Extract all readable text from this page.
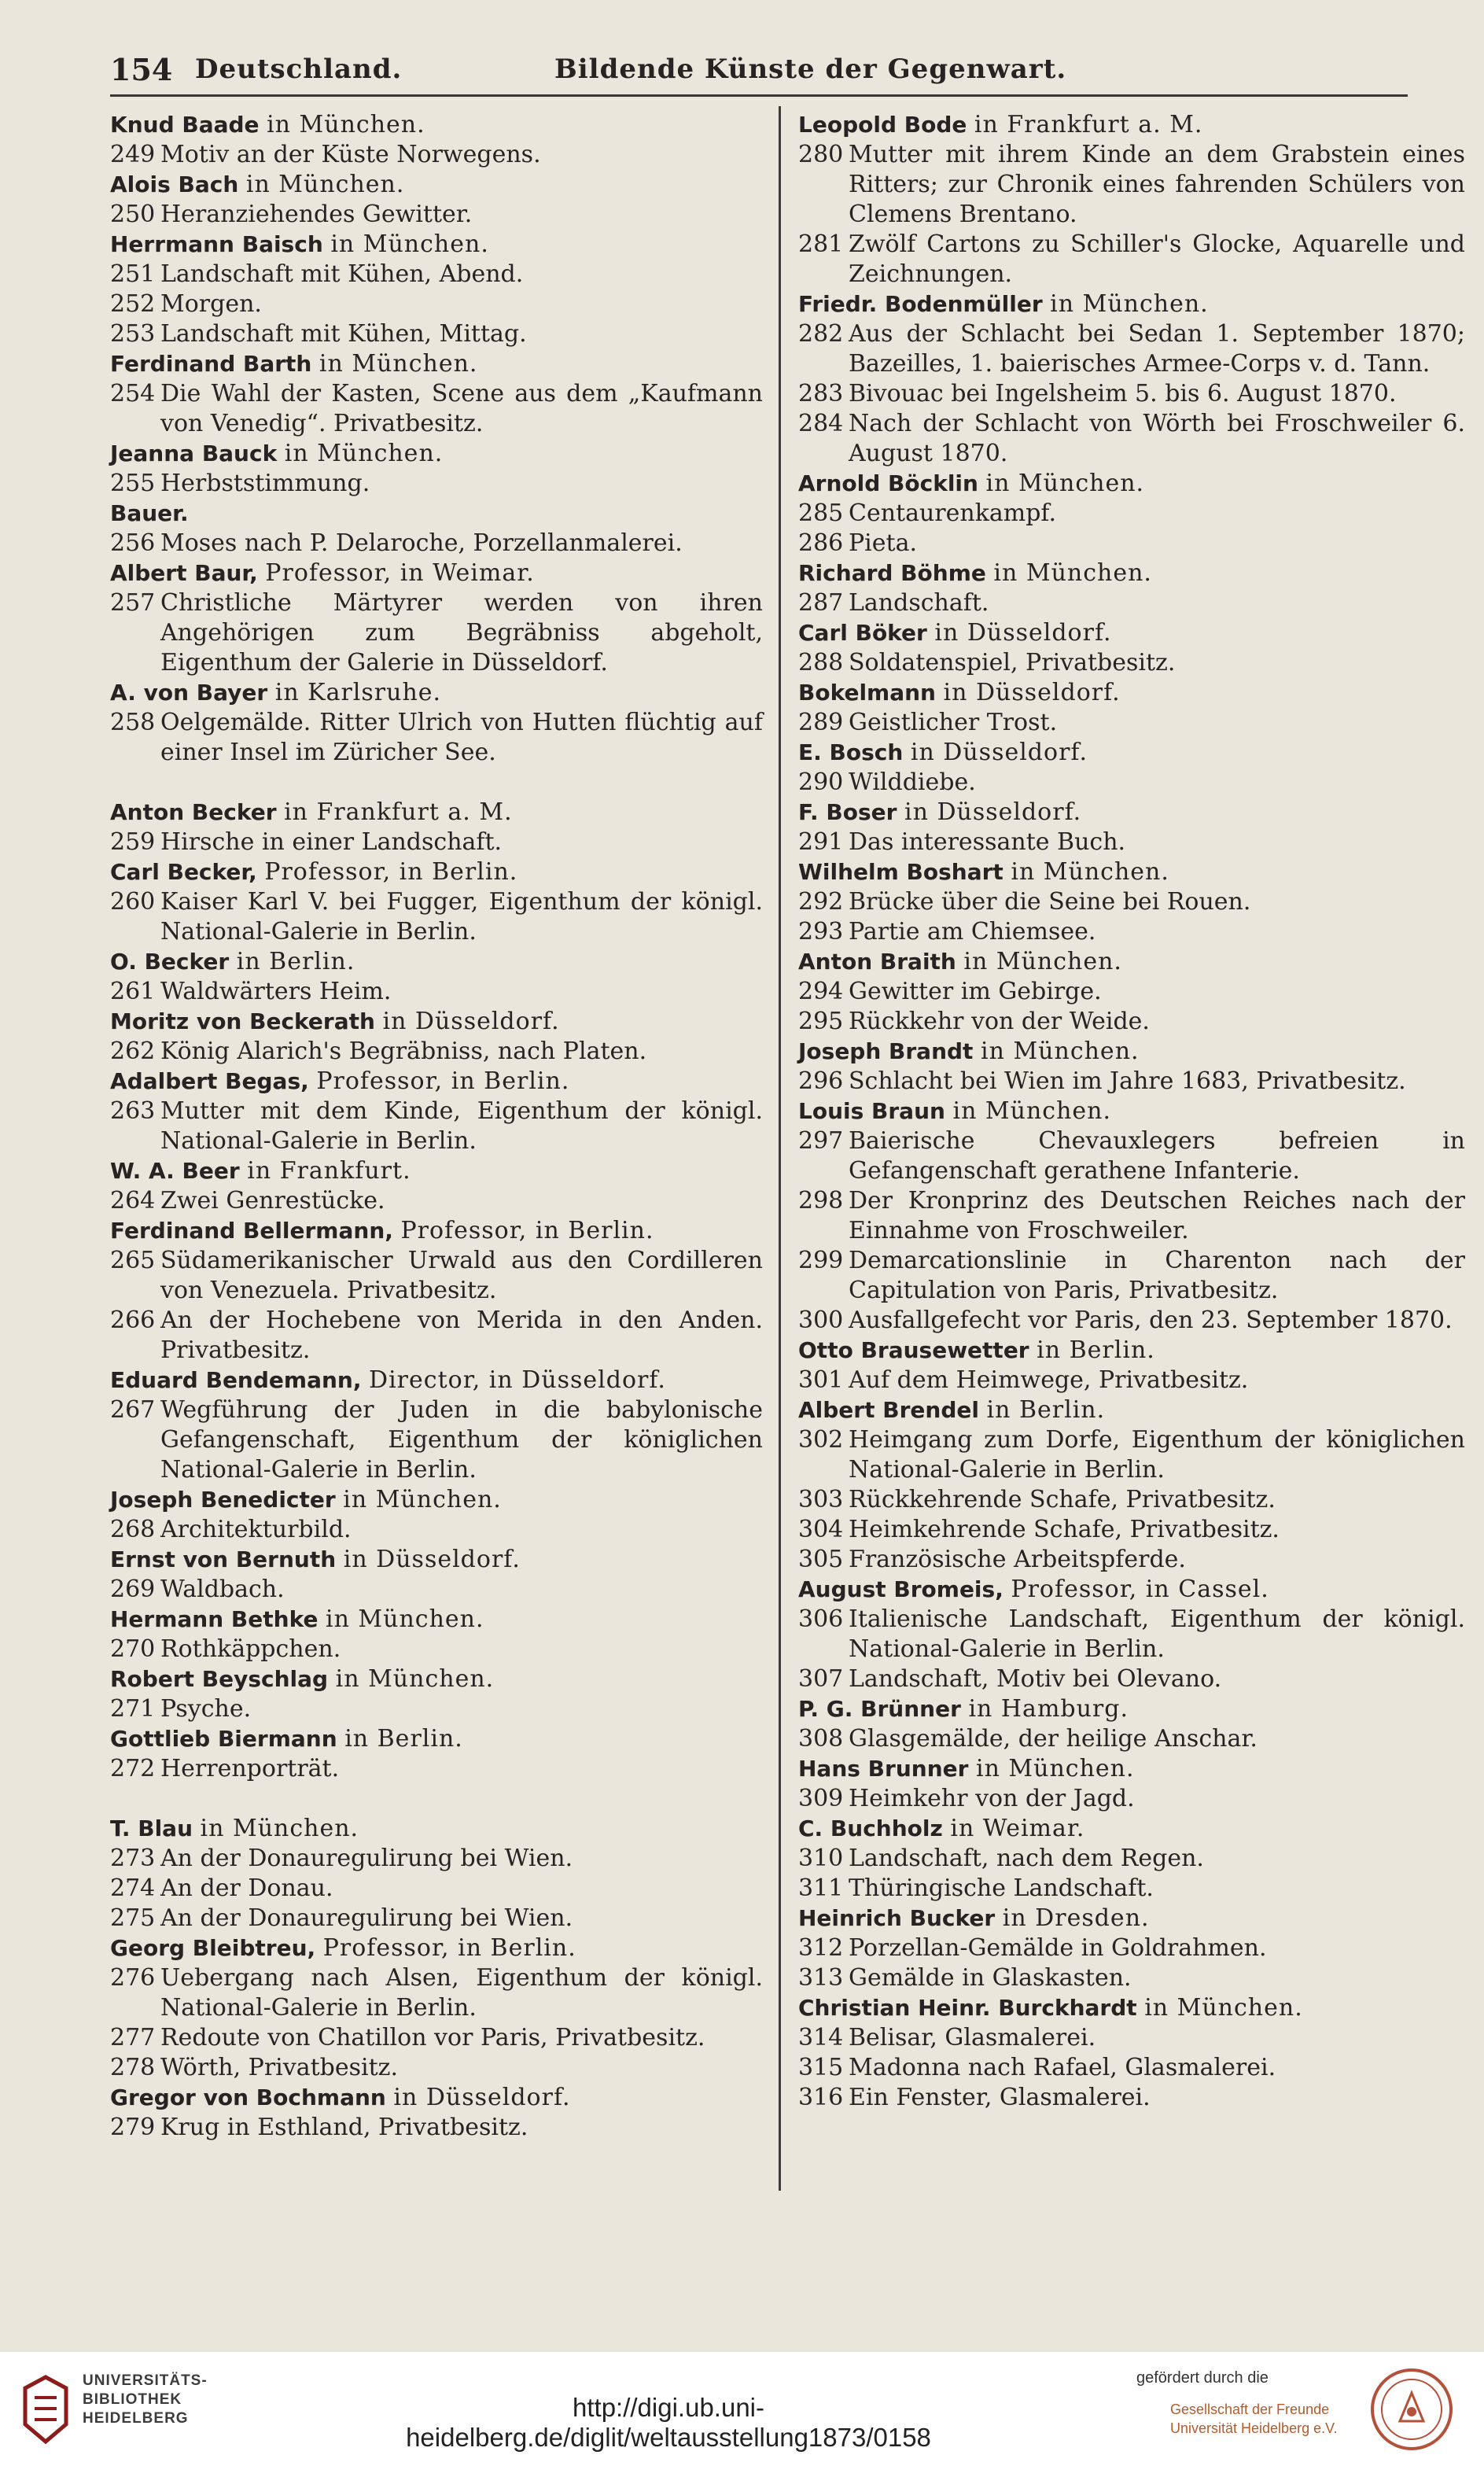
154 Deutschland.	Bildende Künste der Gegenwart.
Knud Baade in München.
249 Motiv an der Küste Norwegens.
Alois Bach in München.
250 Heranziehendes Gewitter.
Herrmann Baisch in München.
251 Landschaft mit Kühen, Abend.
252 Morgen.
253 Landschaft mit Kühen, Mittag.
Ferdinand Barth in München.
254 Die Wahl der Kasten, Scene aus dem „Kaufmann von Venedig“. Privatbesitz.
Jeanna Bauck in München.
255 Herbststimmung.
Bauer.
256 Moses nach P. Delaroche, Porzellanmalerei.
Albert Baur, Professor, in Weimar.
257 Christliche Märtyrer werden von ihren Angehörigen zum Begräbniss abgeholt, Eigenthum der Galerie in Düsseldorf.
A. von Bayer in Karlsruhe.
258 Oelgemälde. Ritter Ulrich von Hutten flüchtig auf einer Insel im Züricher See.
Anton Becker in Frankfurt a. M.
259 Hirsche in einer Landschaft.
Carl Becker, Professor, in Berlin.
260 Kaiser Karl V. bei Fugger, Eigenthum der königl. National-Galerie in Berlin.
O. Becker in Berlin.
261 Waldwärters Heim.
Moritz von Beckerath in Düsseldorf.
262 König Alarich's Begräbniss, nach Platen.
Adalbert Begas, Professor, in Berlin.
263 Mutter mit dem Kinde, Eigenthum der königl. National-Galerie in Berlin.
W. A. Beer in Frankfurt.
264 Zwei Genrestücke.
Ferdinand Bellermann, Professor, in Berlin.
265 Südamerikanischer Urwald aus den Cordilleren von Venezuela. Privatbesitz.
266 An der Hochebene von Merida in den Anden. Privatbesitz.
Eduard Bendemann, Director, in Düsseldorf.
267 Wegführung der Juden in die babylonische Gefangenschaft, Eigenthum der königlichen National-Galerie in Berlin.
Joseph Benedicter in München.
268 Architekturbild.
Ernst von Bernuth in Düsseldorf.
269 Waldbach.
Hermann Bethke in München.
270 Rothkäppchen.
Robert Beyschlag in München.
271 Psyche.
Gottlieb Biermann in Berlin.
272 Herrenporträt.
T. Blau in München.
273 An der Donauregulirung bei Wien.
274 An der Donau.
275 An der Donauregulirung bei Wien.
Georg Bleibtreu, Professor, in Berlin.
276 Uebergang nach Alsen, Eigenthum der königl. National-Galerie in Berlin.
277 Redoute von Chatillon vor Paris, Privatbesitz.
278 Wörth, Privatbesitz.
Gregor von Bochmann in Düsseldorf.
279 Krug in Esthland, Privatbesitz.
Leopold Bode in Frankfurt a. M.
280 Mutter mit ihrem Kinde an dem Grabstein eines Ritters; zur Chronik eines fahrenden Schülers von Clemens Brentano.
281 Zwölf Cartons zu Schiller's Glocke, Aquarelle und Zeichnungen.
Friedr. Bodenmüller in München.
282 Aus der Schlacht bei Sedan 1. September 1870; Bazeilles, 1. baierisches Armee-Corps v. d. Tann.
283 Bivouac bei Ingelsheim 5. bis 6. August 1870.
284 Nach der Schlacht von Wörth bei Froschweiler 6. August 1870.
Arnold Böcklin in München.
285 Centaurenkampf.
286 Pieta.
Richard Böhme in München.
287 Landschaft.
Carl Böker in Düsseldorf.
288 Soldatenspiel, Privatbesitz.
Bokelmann in Düsseldorf.
289 Geistlicher Trost.
E. Bosch in Düsseldorf.
290 Wilddiebe.
F. Boser in Düsseldorf.
291 Das interessante Buch.
Wilhelm Boshart in München.
292 Brücke über die Seine bei Rouen.
293 Partie am Chiemsee.
Anton Braith in München.
294 Gewitter im Gebirge.
295 Rückkehr von der Weide.
Joseph Brandt in München.
296 Schlacht bei Wien im Jahre 1683, Privatbesitz.
Louis Braun in München.
297 Baierische Chevauxlegers befreien in Gefangenschaft gerathene Infanterie.
298 Der Kronprinz des Deutschen Reiches nach der Einnahme von Froschweiler.
299 Demarcationslinie in Charenton nach der Capitulation von Paris, Privatbesitz.
300 Ausfallgefecht vor Paris, den 23. September 1870.
Otto Brausewetter in Berlin.
301 Auf dem Heimwege, Privatbesitz.
Albert Brendel in Berlin.
302 Heimgang zum Dorfe, Eigenthum der königlichen National-Galerie in Berlin.
303 Rückkehrende Schafe, Privatbesitz.
304 Heimkehrende Schafe, Privatbesitz.
305 Französische Arbeitspferde.
August Bromeis, Professor, in Cassel.
306 Italienische Landschaft, Eigenthum der königl. National-Galerie in Berlin.
307 Landschaft, Motiv bei Olevano.
P. G. Brünner in Hamburg.
308 Glasgemälde, der heilige Anschar.
Hans Brunner in München.
309 Heimkehr von der Jagd.
C. Buchholz in Weimar.
310 Landschaft, nach dem Regen.
311 Thüringische Landschaft.
Heinrich Bucker in Dresden.
312 Porzellan-Gemälde in Goldrahmen.
313 Gemälde in Glaskasten.
Christian Heinr. Burckhardt in München.
314 Belisar, Glasmalerei.
315 Madonna nach Rafael, Glasmalerei.
316 Ein Fenster, Glasmalerei.
UNIVERSITÄTS-
BIBLIOTHEK
HEIDELBERG	http://digi.ub.uni-heidelberg.de/diglit/weltausstellung1873/0158
gefördert durch die
Gesellschaft der Freunde
Universität Heidelberg e.V.
